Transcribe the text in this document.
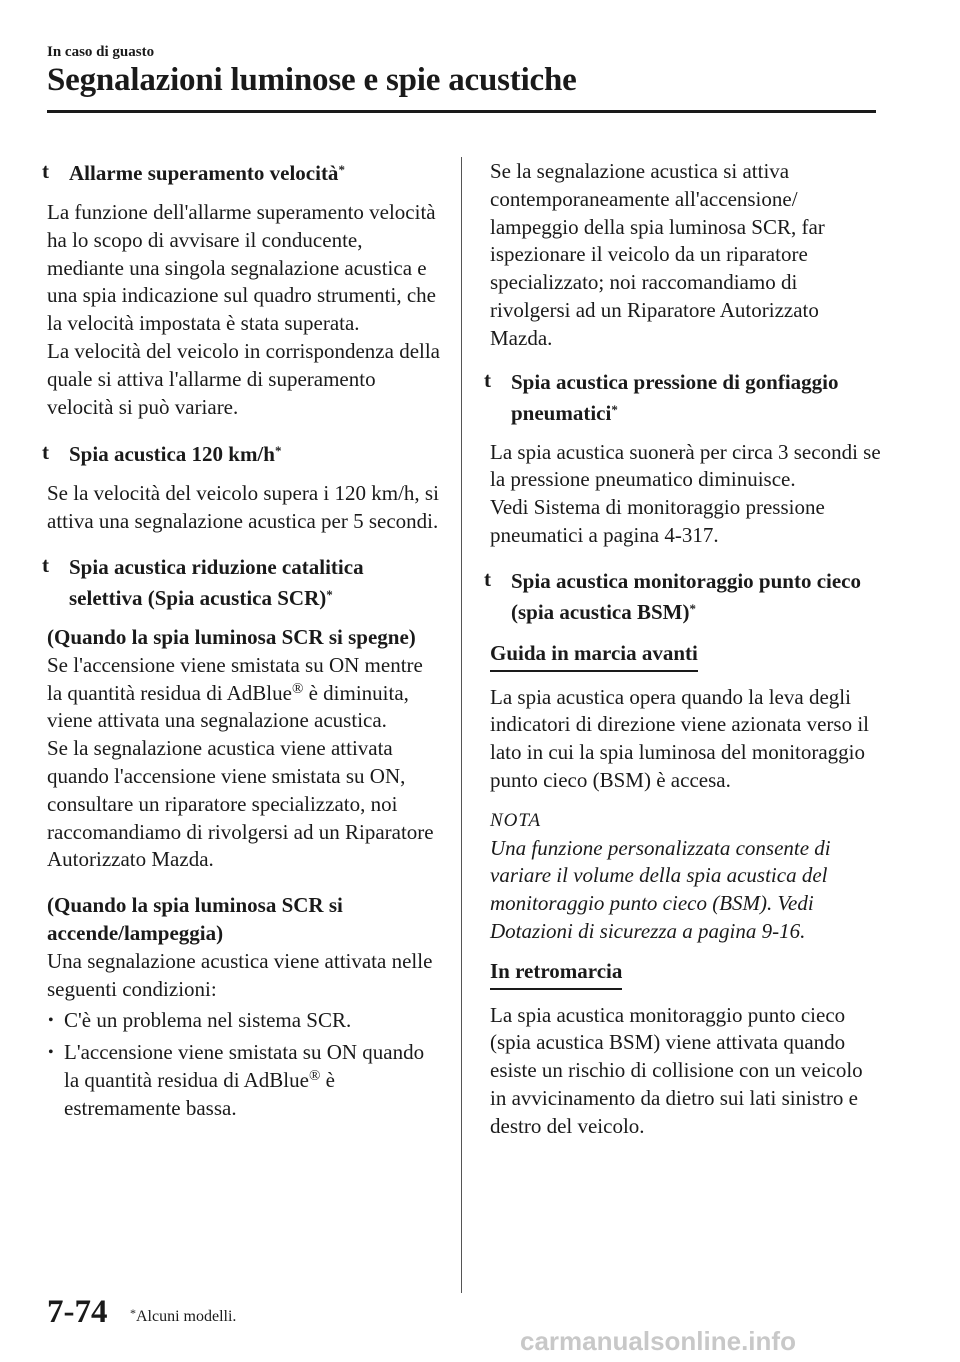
In caso di guasto
Segnalazioni luminose e spie acustiche
t Allarme superamento velocità*

La funzione dell'allarme superamento velocità ha lo scopo di avvisare il conducente, mediante una singola segnalazione acustica e una spia indicazione sul quadro strumenti, che la velocità impostata è stata superata.

La velocità del veicolo in corrispondenza della quale si attiva l'allarme di superamento velocità si può variare.

t Spia acustica 120 km/h*

Se la velocità del veicolo supera i 120 km/h, si attiva una segnalazione acustica per 5 secondi.

t Spia acustica riduzione catalitica selettiva (Spia acustica SCR)*

(Quando la spia luminosa SCR si spegne)

Se l'accensione viene smistata su ON mentre la quantità residua di AdBlue® è diminuita, viene attivata una segnalazione acustica.

Se la segnalazione acustica viene attivata quando l'accensione viene smistata su ON, consultare un riparatore specializzato, noi raccomandiamo di rivolgersi ad un Riparatore Autorizzato Mazda.

(Quando la spia luminosa SCR si accende/lampeggia)

Una segnalazione acustica viene attivata nelle seguenti condizioni:

• C'è un problema nel sistema SCR.
• L'accensione viene smistata su ON quando la quantità residua di AdBlue® è estremamente bassa.

Se la segnalazione acustica si attiva contemporaneamente all'accensione/ lampeggio della spia luminosa SCR, far ispezionare il veicolo da un riparatore specializzato; noi raccomandiamo di rivolgersi ad un Riparatore Autorizzato Mazda.

t Spia acustica pressione di gonfiaggio pneumatici*

La spia acustica suonerà per circa 3 secondi se la pressione pneumatico diminuisce.

Vedi Sistema di monitoraggio pressione pneumatici a pagina 4-317.

t Spia acustica monitoraggio punto cieco (spia acustica BSM)*
Guida in marcia avanti

La spia acustica opera quando la leva degli indicatori di direzione viene azionata verso il lato in cui la spia luminosa del monitoraggio punto cieco (BSM) è accesa.

NOTA

Una funzione personalizzata consente di variare il volume della spia acustica del monitoraggio punto cieco (BSM). Vedi Dotazioni di sicurezza a pagina 9-16.

In retromarcia

La spia acustica monitoraggio punto cieco (spia acustica BSM) viene attivata quando esiste un rischio di collisione con un veicolo in avvicinamento da dietro sui lati sinistro e destro del veicolo.

7-74 *Alcuni modelli.
carmanualsonline.info
